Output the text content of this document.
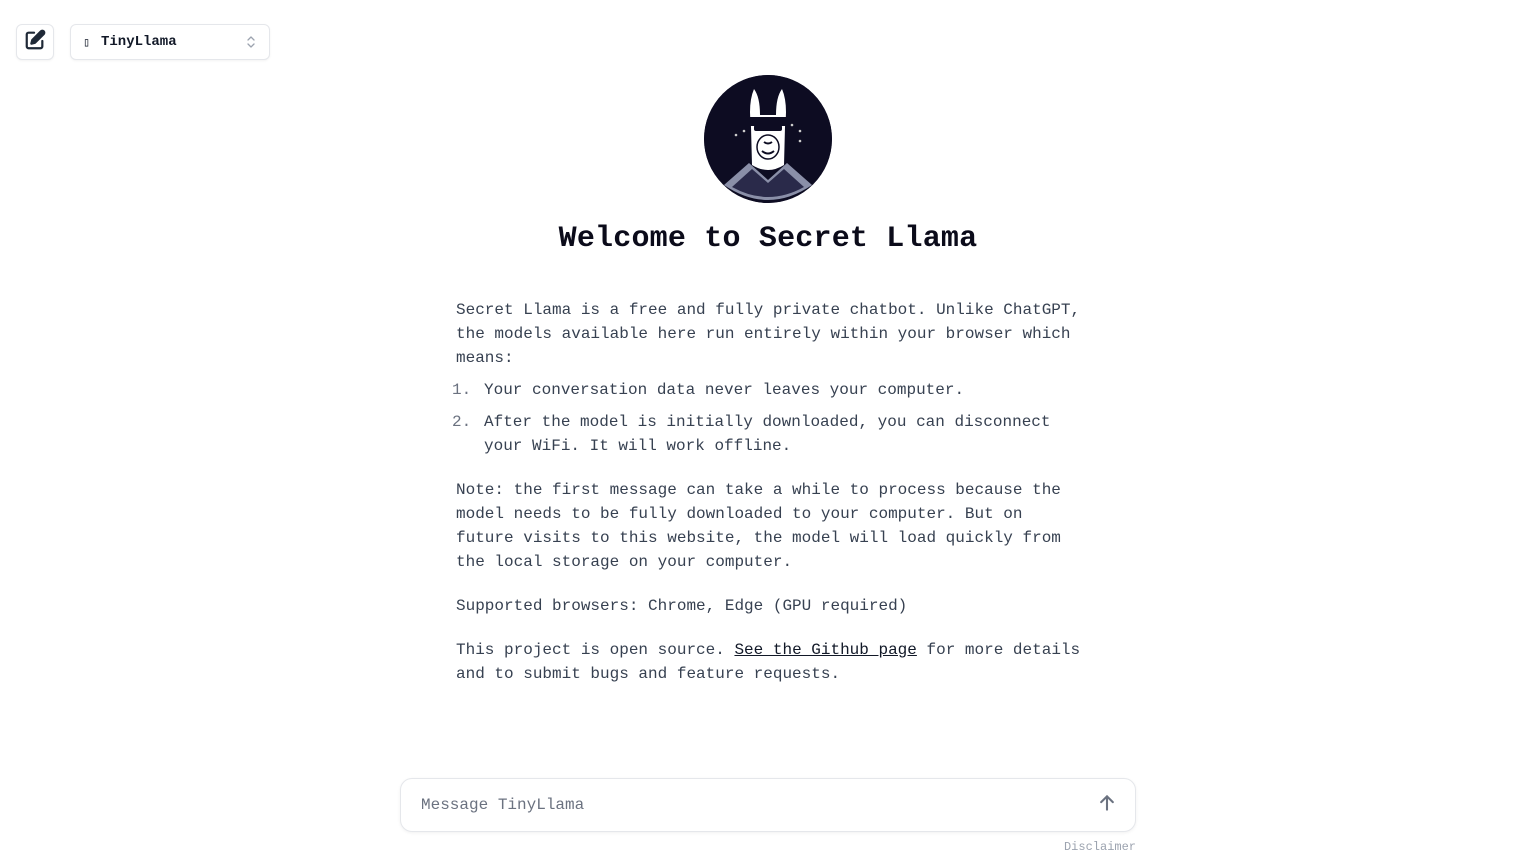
▯ TinyLlama
Welcome to Secret Llama

Secret Llama is a free and fully private chatbot. Unlike ChatGPT, the models available here run entirely within your browser which means:

1. Your conversation data never leaves your computer.
2. After the model is initially downloaded, you can disconnect your WiFi. It will work offline.

Note: the first message can take a while to process because the model needs to be fully downloaded to your computer. But on future visits to this website, the model will load quickly from the local storage on your computer.

Supported browsers: Chrome, Edge (GPU required)

This project is open source. See the Github page for more details and to submit bugs and feature requests.

Message TinyLlama
Disclaimer
